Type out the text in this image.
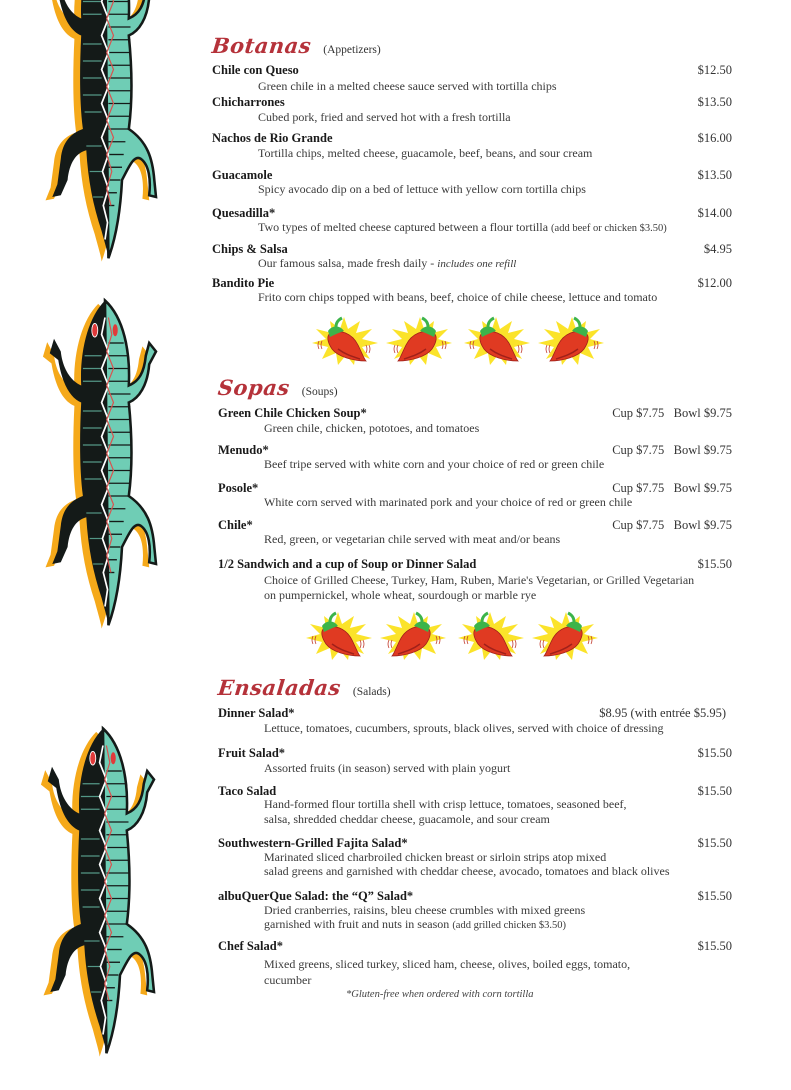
Botanas (Appetizers)
Chile con Queso	$12.50
Green chile in a melted cheese sauce served with tortilla chips
Chicharrones	$13.50
Cubed pork, fried and served hot with a fresh tortilla
Nachos de Rio Grande	$16.00
Tortilla chips, melted cheese, guacamole, beef, beans, and sour cream
Guacamole	$13.50
Spicy avocado dip on a bed of lettuce with yellow corn tortilla chips
Quesadilla*	$14.00
Two types of melted cheese captured between a flour tortilla (add beef or chicken $3.50)
Chips & Salsa	$4.95
Our famous salsa, made fresh daily - includes one refill
Bandito Pie	$12.00
Frito corn chips topped with beans, beef, choice of chile cheese, lettuce and tomato
Sopas (Soups)
Green Chile Chicken Soup*	Cup $7.75 Bowl $9.75
Green chile, chicken, pototoes, and tomatoes
Menudo*	Cup $7.75 Bowl $9.75
Beef tripe served with white corn and your choice of red or green chile
Posole*	Cup $7.75 Bowl $9.75
White corn served with marinated pork and your choice of red or green chile
Chile*	Cup $7.75 Bowl $9.75
Red, green, or vegetarian chile served with meat and/or beans
1/2 Sandwich and a cup of Soup or Dinner Salad	$15.50
Choice of Grilled Cheese, Turkey, Ham, Ruben, Marie's Vegetarian, or Grilled Vegetarian
on pumpernickel, whole wheat, sourdough or marble rye
Ensaladas (Salads)
Dinner Salad*	$8.95 (with entrée $5.95)
Lettuce, tomatoes, cucumbers, sprouts, black olives, served with choice of dressing
Fruit Salad*	$15.50
Assorted fruits (in season) served with plain yogurt
Taco Salad	$15.50
Hand-formed flour tortilla shell with crisp lettuce, tomatoes, seasoned beef,
salsa, shredded cheddar cheese, guacamole, and sour cream
Southwestern-Grilled Fajita Salad*	$15.50
Marinated sliced charbroiled chicken breast or sirloin strips atop mixed
salad greens and garnished with cheddar cheese, avocado, tomatoes and black olives
albuQuerQue Salad: the “Q” Salad*	$15.50
Dried cranberries, raisins, bleu cheese crumbles with mixed greens
garnished with fruit and nuts in season (add grilled chicken $3.50)
Chef Salad*	$15.50
Mixed greens, sliced turkey, sliced ham, cheese, olives, boiled eggs, tomato,
cucumber
*Gluten-free when ordered with corn tortilla
